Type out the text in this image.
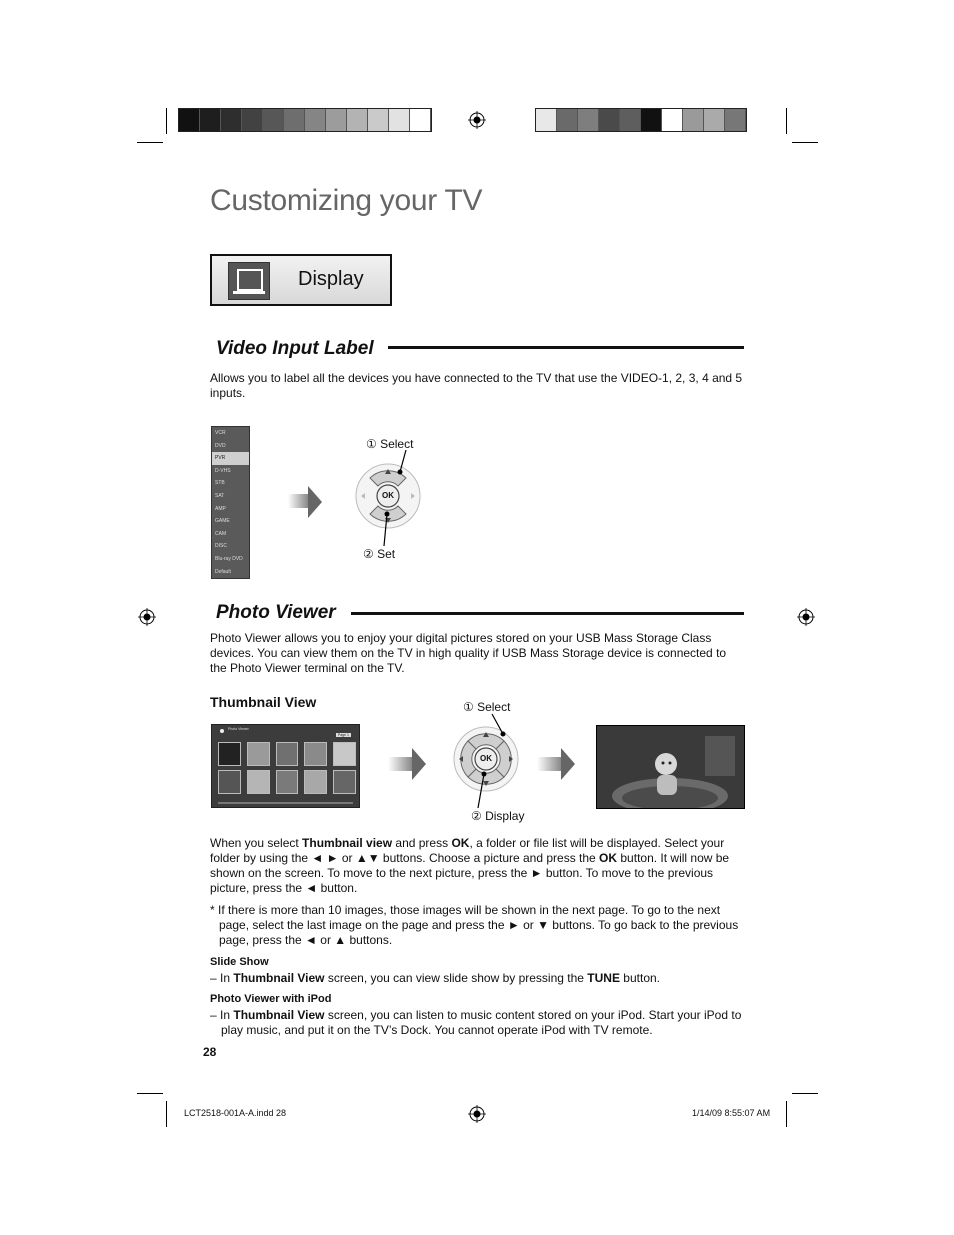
Customizing your TV
Display
Video Input Label
Allows you to label all the devices you have connected to the TV that use the VIDEO-1, 2, 3, 4 and 5 inputs.
VCR
DVD
PVR
D-VHS
STB
SAT
AMP
GAME
CAM
DISC
Blu-ray DVD
Default
OK
① Select
② Set
Photo Viewer
Photo Viewer allows you to enjoy your digital pictures stored on your USB Mass Storage Class devices. You can view them on the TV in high quality if USB Mass Storage device is connected to the Photo Viewer terminal on the TV.
Thumbnail View
Photo Viewer
Page 1
OK
① Select
② Display
When you select Thumbnail view and press OK, a folder or file list will be displayed. Select your folder by using the ◄ ► or ▲▼ buttons. Choose a picture and press the OK button. It will now be shown on the screen. To move to the next picture, press the ► button. To move to the previous picture, press the ◄ button.
* If there is more than 10 images, those images will be shown in the next page. To go to the next page, select the last image on the page and press the ► or ▼ buttons. To go back to the previous page, press the ◄ or ▲ buttons.
Slide Show
– In Thumbnail View screen, you can view slide show by pressing the TUNE button.
Photo Viewer with iPod
– In Thumbnail View screen, you can listen to music content stored on your iPod. Start your iPod to play music, and put it on the TV’s Dock. You cannot operate iPod with TV remote.
28
LCT2518-001A-A.indd 28	1/14/09 8:55:07 AM
